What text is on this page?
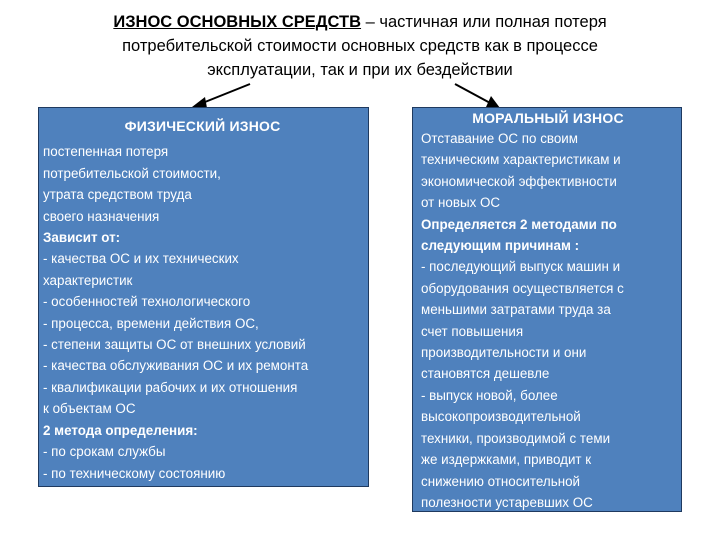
ИЗНОС ОСНОВНЫХ СРЕДСТВ – частичная или полная потеря
потребительской стоимости основных средств как в процессе
эксплуатации, так и при их бездействии
ФИЗИЧЕСКИЙ ИЗНОС
постепенная потеря
потребительской стоимости,
утрата средством труда
своего назначения
Зависит от:
- качества ОС и их технических
характеристик
- особенностей технологического
- процесса, времени действия ОС,
- степени защиты ОС от внешних условий
- качества обслуживания ОС и их ремонта
- квалификации рабочих и их отношения
к объектам ОС
2 метода определения:
- по срокам службы
- по техническому состоянию
МОРАЛЬНЫЙ ИЗНОС
Отставание ОС по своим
техническим характеристикам и
экономической эффективности
от новых ОС
Определяется 2 методами по
следующим причинам :
- последующий выпуск машин и
оборудования осуществляется с
меньшими затратами труда за
счет повышения
производительности и они
становятся дешевле
- выпуск новой, более
высокопроизводительной
техники, производимой с теми
же издержками, приводит к
снижению относительной
полезности устаревших ОС
